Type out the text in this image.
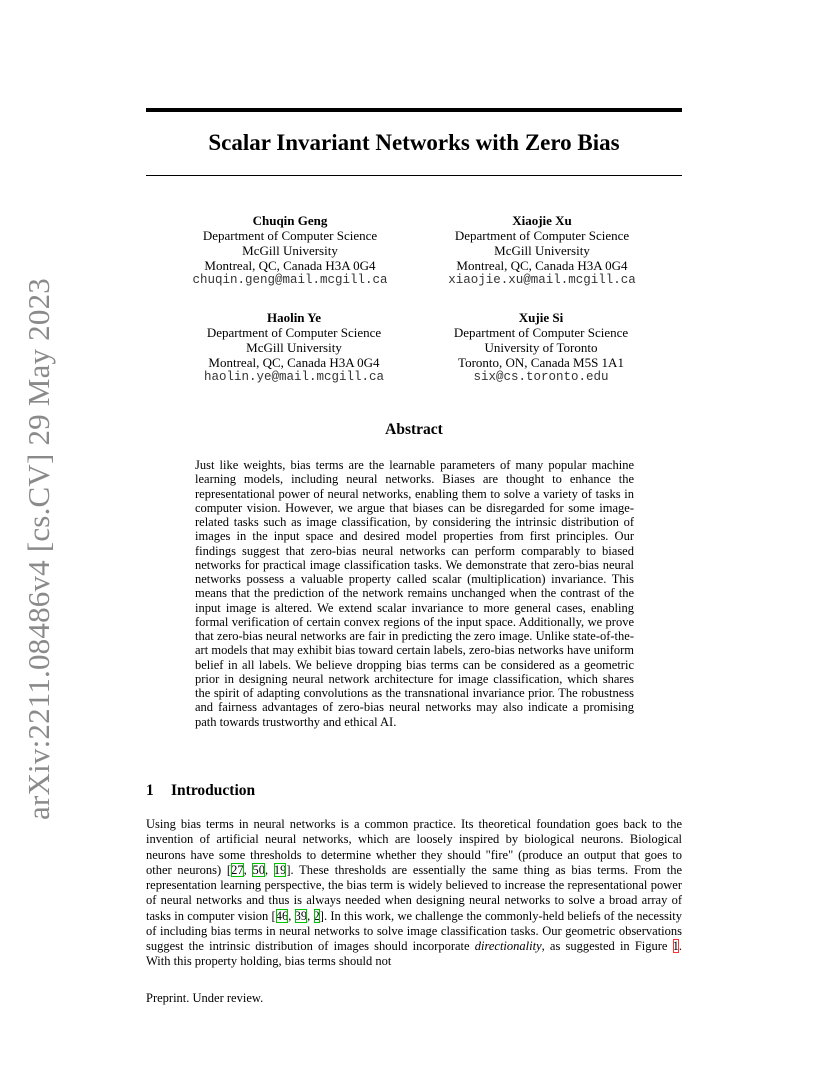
arXiv:2211.08486v4 [cs.CV] 29 May 2023
Scalar Invariant Networks with Zero Bias
Chuqin Geng
Department of Computer Science
McGill University
Montreal, QC, Canada H3A 0G4
chuqin.geng@mail.mcgill.ca
Xiaojie Xu
Department of Computer Science
McGill University
Montreal, QC, Canada H3A 0G4
xiaojie.xu@mail.mcgill.ca
Haolin Ye
Department of Computer Science
McGill University
Montreal, QC, Canada H3A 0G4
haolin.ye@mail.mcgill.ca
Xujie Si
Department of Computer Science
University of Toronto
Toronto, ON, Canada M5S 1A1
six@cs.toronto.edu
Abstract
Just like weights, bias terms are the learnable parameters of many popular machine learning models, including neural networks. Biases are thought to enhance the representational power of neural networks, enabling them to solve a variety of tasks in computer vision. However, we argue that biases can be disregarded for some image-related tasks such as image classification, by considering the intrinsic distribution of images in the input space and desired model properties from first principles. Our findings suggest that zero-bias neural networks can perform comparably to biased networks for practical image classification tasks. We demonstrate that zero-bias neural networks possess a valuable property called scalar (multiplication) invariance. This means that the prediction of the network remains unchanged when the contrast of the input image is altered. We extend scalar invariance to more general cases, enabling formal verification of certain convex regions of the input space. Additionally, we prove that zero-bias neural networks are fair in predicting the zero image. Unlike state-of-the-art models that may exhibit bias toward certain labels, zero-bias networks have uniform belief in all labels. We believe dropping bias terms can be considered as a geometric prior in designing neural network architecture for image classification, which shares the spirit of adapting convolutions as the transnational invariance prior. The robustness and fairness advantages of zero-bias neural networks may also indicate a promising path towards trustworthy and ethical AI.
1 Introduction
Using bias terms in neural networks is a common practice. Its theoretical foundation goes back to the invention of artificial neural networks, which are loosely inspired by biological neurons. Biological neurons have some thresholds to determine whether they should "fire" (produce an output that goes to other neurons) [27, 50, 19]. These thresholds are essentially the same thing as bias terms. From the representation learning perspective, the bias term is widely believed to increase the representational power of neural networks and thus is always needed when designing neural networks to solve a broad array of tasks in computer vision [46, 39, 2]. In this work, we challenge the commonly-held beliefs of the necessity of including bias terms in neural networks to solve image classification tasks. Our geometric observations suggest the intrinsic distribution of images should incorporate directionality, as suggested in Figure 1. With this property holding, bias terms should not
Preprint. Under review.
